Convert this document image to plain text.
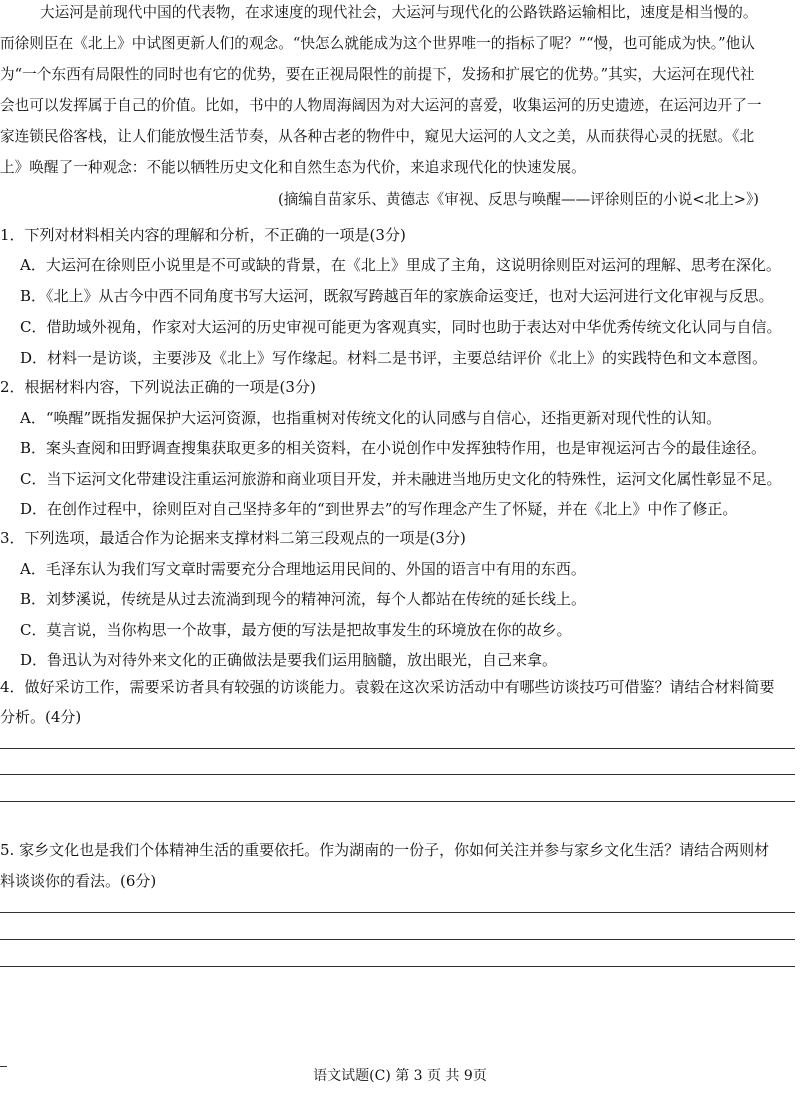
大运河是前现代中国的代表物，在求速度的现代社会，大运河与现代化的公路铁路运输相比，速度是相当慢的。
而徐则臣在《北上》中试图更新人们的观念。“快怎么就能成为这个世界唯一的指标了呢？”“慢，也可能成为快。”他认
为“一个东西有局限性的同时也有它的优势，要在正视局限性的前提下，发扬和扩展它的优势。”其实，大运河在现代社
会也可以发挥属于自己的价值。比如，书中的人物周海阔因为对大运河的喜爱，收集运河的历史遗迹，在运河边开了一
家连锁民俗客栈，让人们能放慢生活节奏，从各种古老的物件中，窥见大运河的人文之美，从而获得心灵的抚慰。《北
上》唤醒了一种观念：不能以牺牲历史文化和自然生态为代价，来追求现代化的快速发展。
(摘编自苗家乐、黄德志《审视、反思与唤醒——评徐则臣的小说<北上>》)
1．下列对材料相关内容的理解和分析，不正确的一项是(3分)
A．大运河在徐则臣小说里是不可或缺的背景，在《北上》里成了主角，这说明徐则臣对运河的理解、思考在深化。
B．《北上》从古今中西不同角度书写大运河，既叙写跨越百年的家族命运变迁，也对大运河进行文化审视与反思。
C．借助域外视角，作家对大运河的历史审视可能更为客观真实，同时也助于表达对中华优秀传统文化认同与自信。
D．材料一是访谈，主要涉及《北上》写作缘起。材料二是书评，主要总结评价《北上》的实践特色和文本意图。
2．根据材料内容，下列说法正确的一项是(3分)
A．“唤醒”既指发掘保护大运河资源，也指重树对传统文化的认同感与自信心，还指更新对现代性的认知。
B．案头查阅和田野调查搜集获取更多的相关资料，在小说创作中发挥独特作用，也是审视运河古今的最佳途径。
C．当下运河文化带建设注重运河旅游和商业项目开发，并未融进当地历史文化的特殊性，运河文化属性彰显不足。
D．在创作过程中，徐则臣对自己坚持多年的“到世界去”的写作理念产生了怀疑，并在《北上》中作了修正。
3．下列选项，最适合作为论据来支撑材料二第三段观点的一项是(3分)
A．毛泽东认为我们写文章时需要充分合理地运用民间的、外国的语言中有用的东西。
B．刘梦溪说，传统是从过去流淌到现今的精神河流，每个人都站在传统的延长线上。
C．莫言说，当你构思一个故事，最方便的写法是把故事发生的环境放在你的故乡。
D．鲁迅认为对待外来文化的正确做法是要我们运用脑髓，放出眼光，自己来拿。
4．做好采访工作，需要采访者具有较强的访谈能力。袁毅在这次采访活动中有哪些访谈技巧可借鉴？请结合材料简要
分析。(4分)
5. 家乡文化也是我们个体精神生活的重要依托。作为湖南的一份子，你如何关注并参与家乡文化生活？请结合两则材
料谈谈你的看法。(6分)
语文试题(C) 第 3 页 共 9页
